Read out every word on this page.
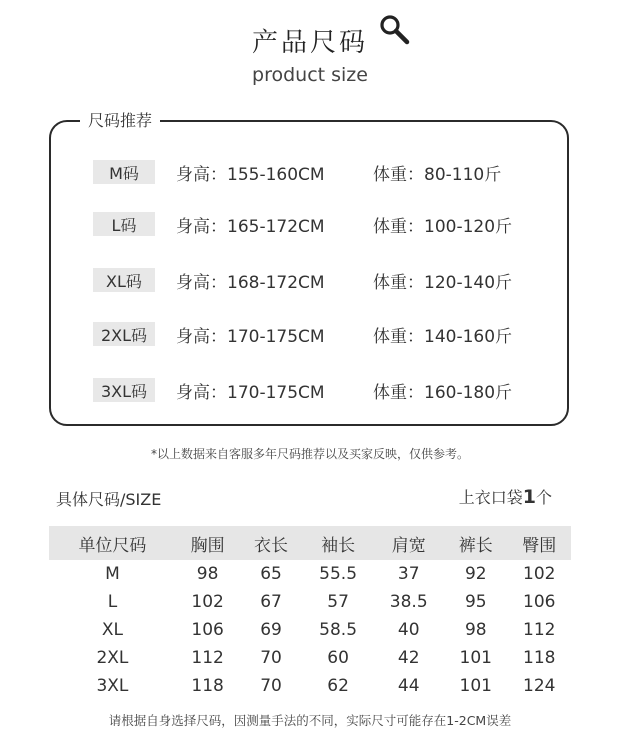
产品尺码
product size
尺码推荐
M码	身高：155-160CM	体重：80-110斤
L码	身高：165-172CM	体重：100-120斤
XL码	身高：168-172CM	体重：120-140斤
2XL码	身高：170-175CM	体重：140-160斤
3XL码	身高：170-175CM	体重：160-180斤
*以上数据来自客服多年尺码推荐以及买家反映，仅供参考。
具体尺码/SIZE	上衣口袋1个
单位尺码	胸围	衣长	袖长	肩宽	裤长	臀围
M	98	65	55.5	37	92	102
L	102	67	57	38.5	95	106
XL	106	69	58.5	40	98	112
2XL	112	70	60	42	101	118
3XL	118	70	62	44	101	124
请根据自身选择尺码，因测量手法的不同，实际尺寸可能存在1-2CM误差
